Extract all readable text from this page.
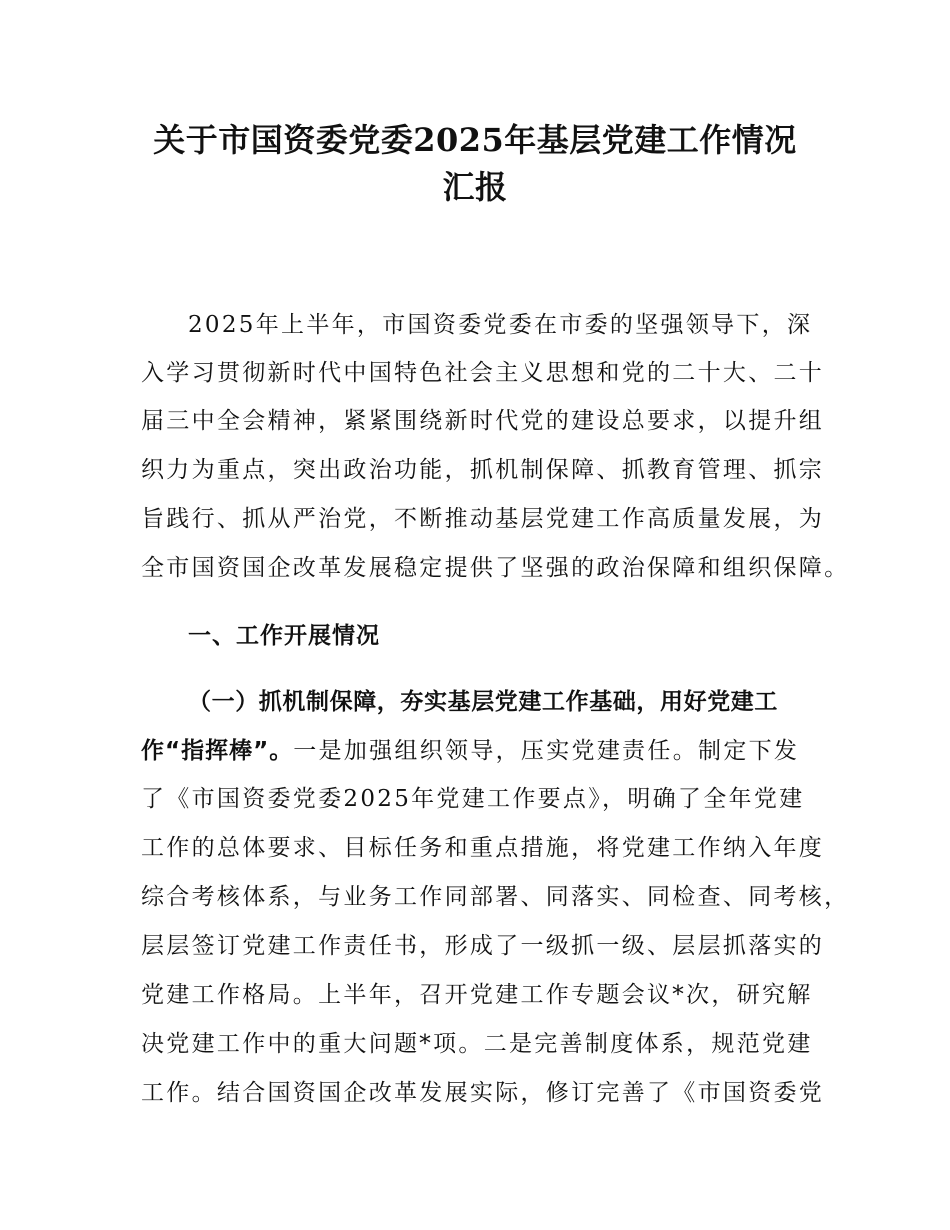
关于市国资委党委2025年基层党建工作情况
汇报
2025年上半年，市国资委党委在市委的坚强领导下，深
入学习贯彻新时代中国特色社会主义思想和党的二十大、二十
届三中全会精神，紧紧围绕新时代党的建设总要求，以提升组
织力为重点，突出政治功能，抓机制保障、抓教育管理、抓宗
旨践行、抓从严治党，不断推动基层党建工作高质量发展，为
全市国资国企改革发展稳定提供了坚强的政治保障和组织保障。
一、工作开展情况
（一）抓机制保障，夯实基层党建工作基础，用好党建工
作“指挥棒”。一是加强组织领导，压实党建责任。制定下发
了《市国资委党委2025年党建工作要点》，明确了全年党建
工作的总体要求、目标任务和重点措施，将党建工作纳入年度
综合考核体系，与业务工作同部署、同落实、同检查、同考核，
层层签订党建工作责任书，形成了一级抓一级、层层抓落实的
党建工作格局。上半年，召开党建工作专题会议*次，研究解
决党建工作中的重大问题*项。二是完善制度体系，规范党建
工作。结合国资国企改革发展实际，修订完善了《市国资委党
